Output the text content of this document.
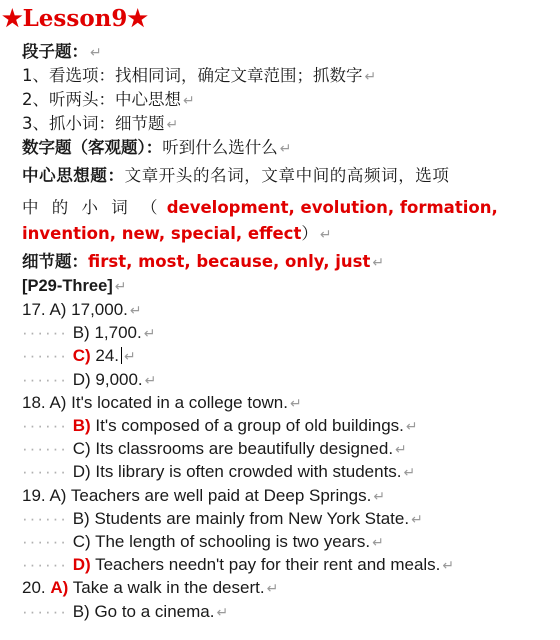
★Lesson9★
段子题： ↵
1、看选项：找相同词，确定文章范围；抓数字 ↵
2、听两头：中心思想 ↵
3、抓小词：细节题 ↵
数字题（客观题）：听到什么选什么 ↵
中心思想题：文章开头的名词，文章中间的高频词，选项
中 的 小 词 （ development, evolution, formation,
invention, new, special, effect） ↵
细节题：first, most, because, only, just ↵
[P29-Three] ↵
17. A) 17,000. ↵
······ B) 1,700. ↵
······ C) 24. ↵
······ D) 9,000. ↵
18. A) It's located in a college town. ↵
······ B) It's composed of a group of old buildings. ↵
······ C) Its classrooms are beautifully designed. ↵
······ D) Its library is often crowded with students. ↵
19. A) Teachers are well paid at Deep Springs. ↵
······ B) Students are mainly from New York State. ↵
······ C) The length of schooling is two years. ↵
······ D) Teachers needn't pay for their rent and meals. ↵
20. A) Take a walk in the desert. ↵
······ B) Go to a cinema. ↵
